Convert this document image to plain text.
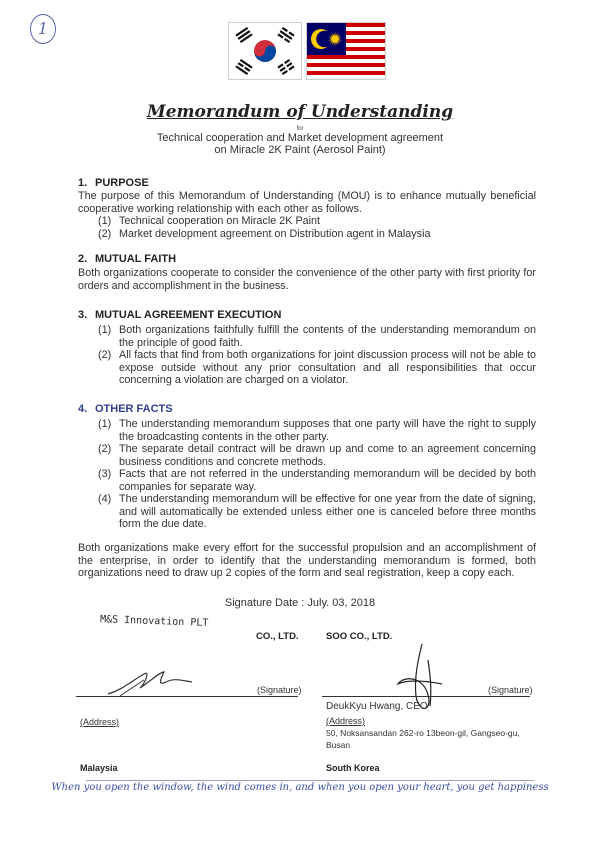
1
Memorandum of Understanding
for
Technical cooperation and Market development agreement
on Miracle 2K Paint (Aerosol Paint)
1. PURPOSE
The purpose of this Memorandum of Understanding (MOU) is to enhance mutually beneficial cooperative working relationship with each other as follows.
(1) Technical cooperation on Miracle 2K Paint
(2) Market development agreement on Distribution agent in Malaysia
2. MUTUAL FAITH
Both organizations cooperate to consider the convenience of the other party with first priority for orders and accomplishment in the business.
3. MUTUAL AGREEMENT EXECUTION
(1) Both organizations faithfully fulfill the contents of the understanding memorandum on the principle of good faith.
(2) All facts that find from both organizations for joint discussion process will not be able to expose outside without any prior consultation and all responsibilities that occur concerning a violation are charged on a violator.
4. OTHER FACTS
(1) The understanding memorandum supposes that one party will have the right to supply the broadcasting contents in the other party.
(2) The separate detail contract will be drawn up and come to an agreement concerning business conditions and concrete methods.
(3) Facts that are not referred in the understanding memorandum will be decided by both companies for separate way.
(4) The understanding memorandum will be effective for one year from the date of signing, and will automatically be extended unless either one is canceled before three months form the due date.
Both organizations make every effort for the successful propulsion and an accomplishment of the enterprise, in order to identify that the understanding memorandum is formed, both organizations need to draw up 2 copies of the form and seal registration, keep a copy each.
Signature Date : July. 03, 2018
M&S Innovation PLT
CO., LTD.
(Signature)
(Address)
Malaysia
SOO CO., LTD.
(Signature)
DeukKyu Hwang, CEO
(Address)
50, Noksansandan 262-ro 13beon-gil, Gangseo-gu,
Busan
South Korea
When you open the window, the wind comes in, and when you open your heart, you get happiness
